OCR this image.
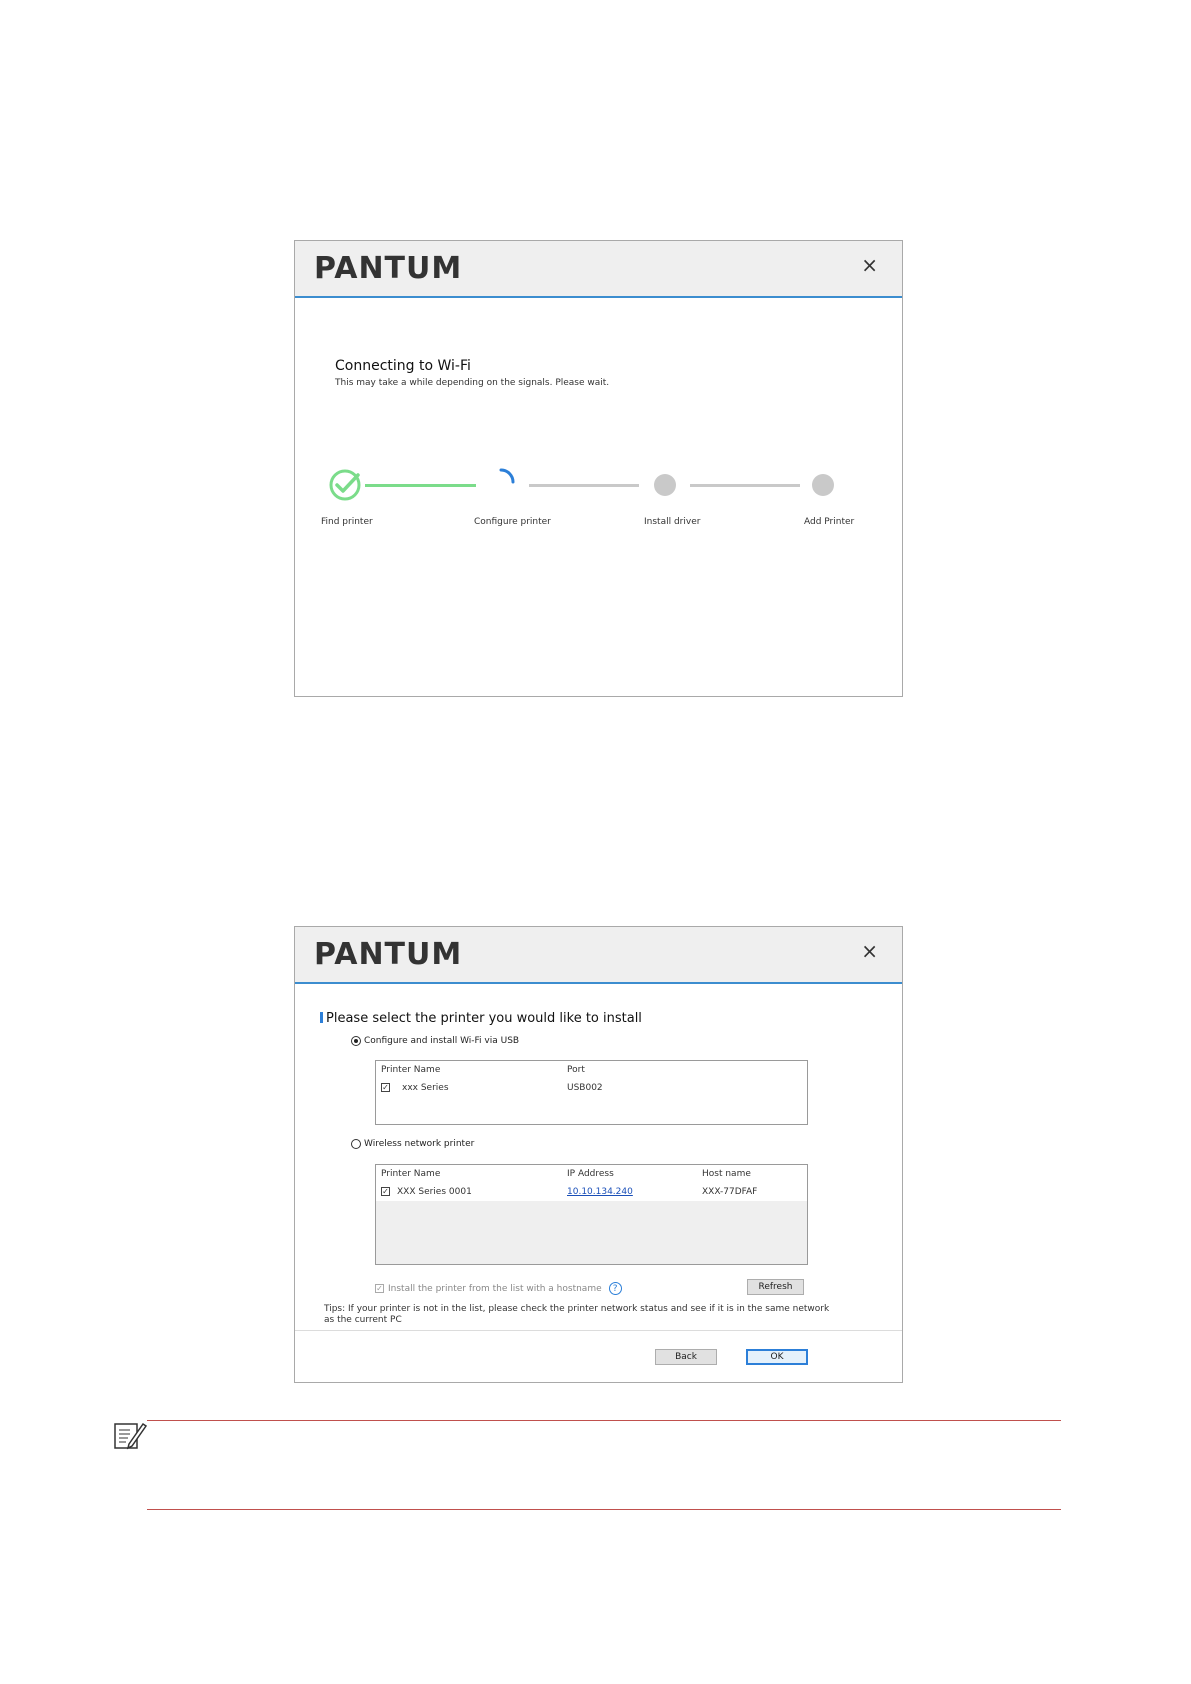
PANTUM	×
Connecting to Wi-Fi
This may take a while depending on the signals. Please wait.
Find printer	Configure printer	Install driver	Add Printer
PANTUM	×
Please select the printer you would like to install
Configure and install Wi-Fi via USB
Printer Name	Port
✓ xxx Series	USB002
Wireless network printer
Printer Name	IP Address	Host name
✓ XXX Series 0001	10.10.134.240	XXX-77DFAF
✓ Install the printer from the list with a hostname	?	Refresh
Tips: If your printer is not in the list, please check the printer network status and see if it is in the same network as the current PC
Back	OK
